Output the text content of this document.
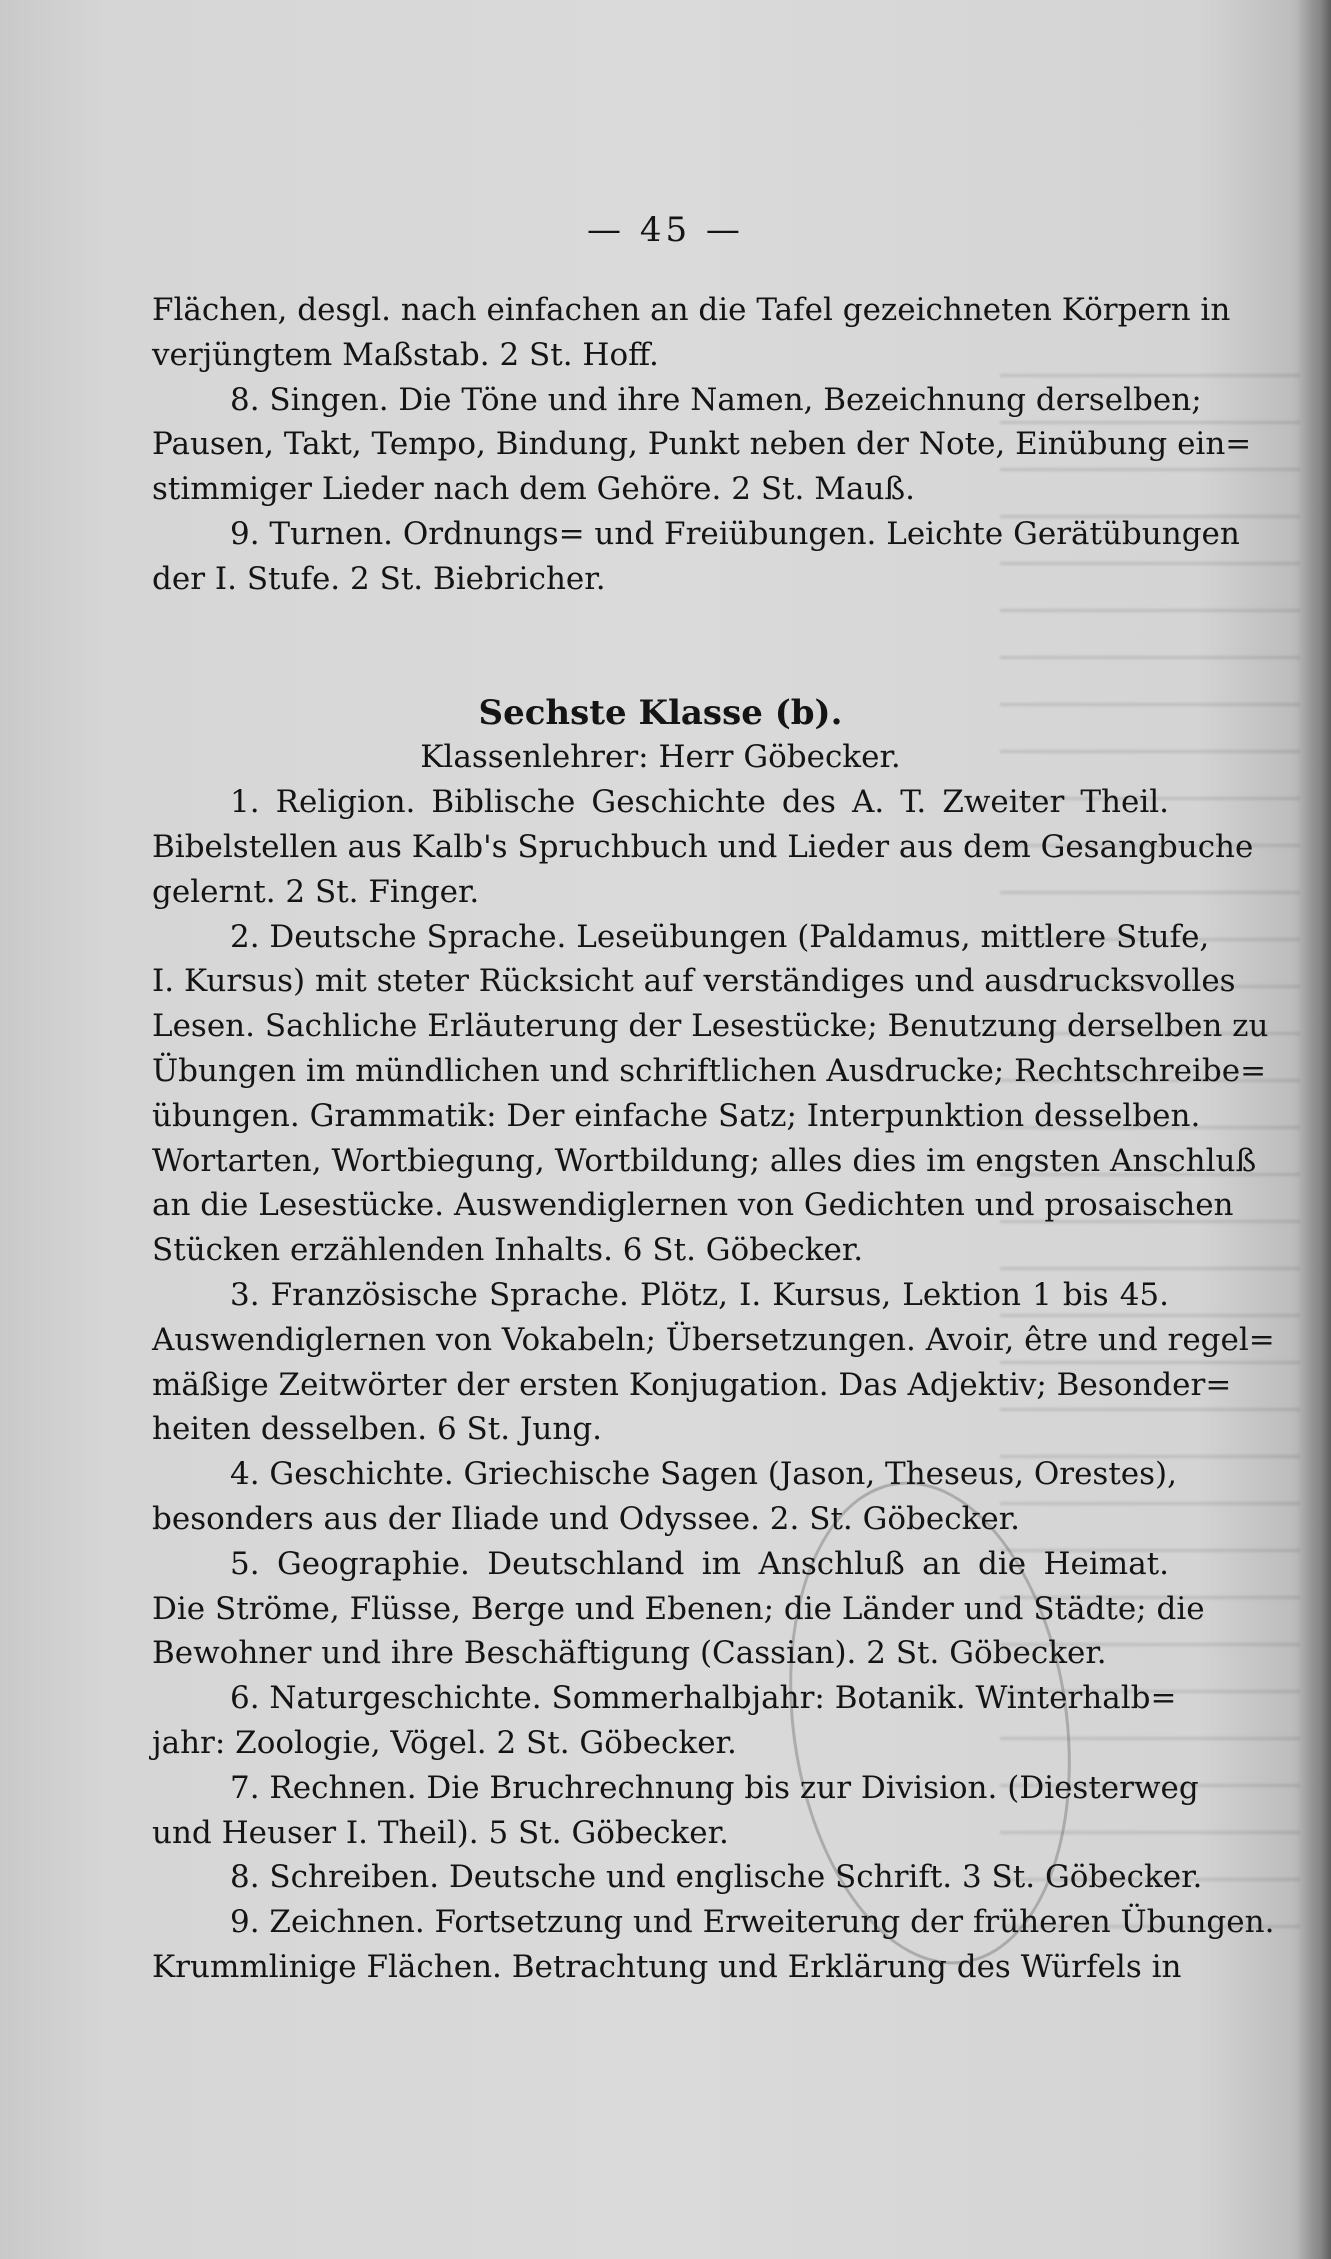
— 45 —
Flächen, desgl. nach einfachen an die Tafel gezeichneten Körpern in
verjüngtem Maßstab. 2 St. Hoff.
8. Singen. Die Töne und ihre Namen, Bezeichnung derselben;
Pausen, Takt, Tempo, Bindung, Punkt neben der Note, Einübung ein=
stimmiger Lieder nach dem Gehöre. 2 St. Mauß.
9. Turnen. Ordnungs= und Freiübungen. Leichte Gerätübungen
der I. Stufe. 2 St. Biebricher.
Sechste Klasse (b).
Klassenlehrer: Herr Göbecker.
1. Religion. Biblische Geschichte des A. T. Zweiter Theil.
Bibelstellen aus Kalb's Spruchbuch und Lieder aus dem Gesangbuche
gelernt. 2 St. Finger.
2. Deutsche Sprache. Leseübungen (Paldamus, mittlere Stufe,
I. Kursus) mit steter Rücksicht auf verständiges und ausdrucksvolles
Lesen. Sachliche Erläuterung der Lesestücke; Benutzung derselben zu
Übungen im mündlichen und schriftlichen Ausdrucke; Rechtschreibe=
übungen. Grammatik: Der einfache Satz; Interpunktion desselben.
Wortarten, Wortbiegung, Wortbildung; alles dies im engsten Anschluß
an die Lesestücke. Auswendiglernen von Gedichten und prosaischen
Stücken erzählenden Inhalts. 6 St. Göbecker.
3. Französische Sprache. Plötz, I. Kursus, Lektion 1 bis 45.
Auswendiglernen von Vokabeln; Übersetzungen. Avoir, être und regel=
mäßige Zeitwörter der ersten Konjugation. Das Adjektiv; Besonder=
heiten desselben. 6 St. Jung.
4. Geschichte. Griechische Sagen (Jason, Theseus, Orestes),
besonders aus der Iliade und Odyssee. 2. St. Göbecker.
5. Geographie. Deutschland im Anschluß an die Heimat.
Die Ströme, Flüsse, Berge und Ebenen; die Länder und Städte; die
Bewohner und ihre Beschäftigung (Cassian). 2 St. Göbecker.
6. Naturgeschichte. Sommerhalbjahr: Botanik. Winterhalb=
jahr: Zoologie, Vögel. 2 St. Göbecker.
7. Rechnen. Die Bruchrechnung bis zur Division. (Diesterweg
und Heuser I. Theil). 5 St. Göbecker.
8. Schreiben. Deutsche und englische Schrift. 3 St. Göbecker.
9. Zeichnen. Fortsetzung und Erweiterung der früheren Übungen.
Krummlinige Flächen. Betrachtung und Erklärung des Würfels in
